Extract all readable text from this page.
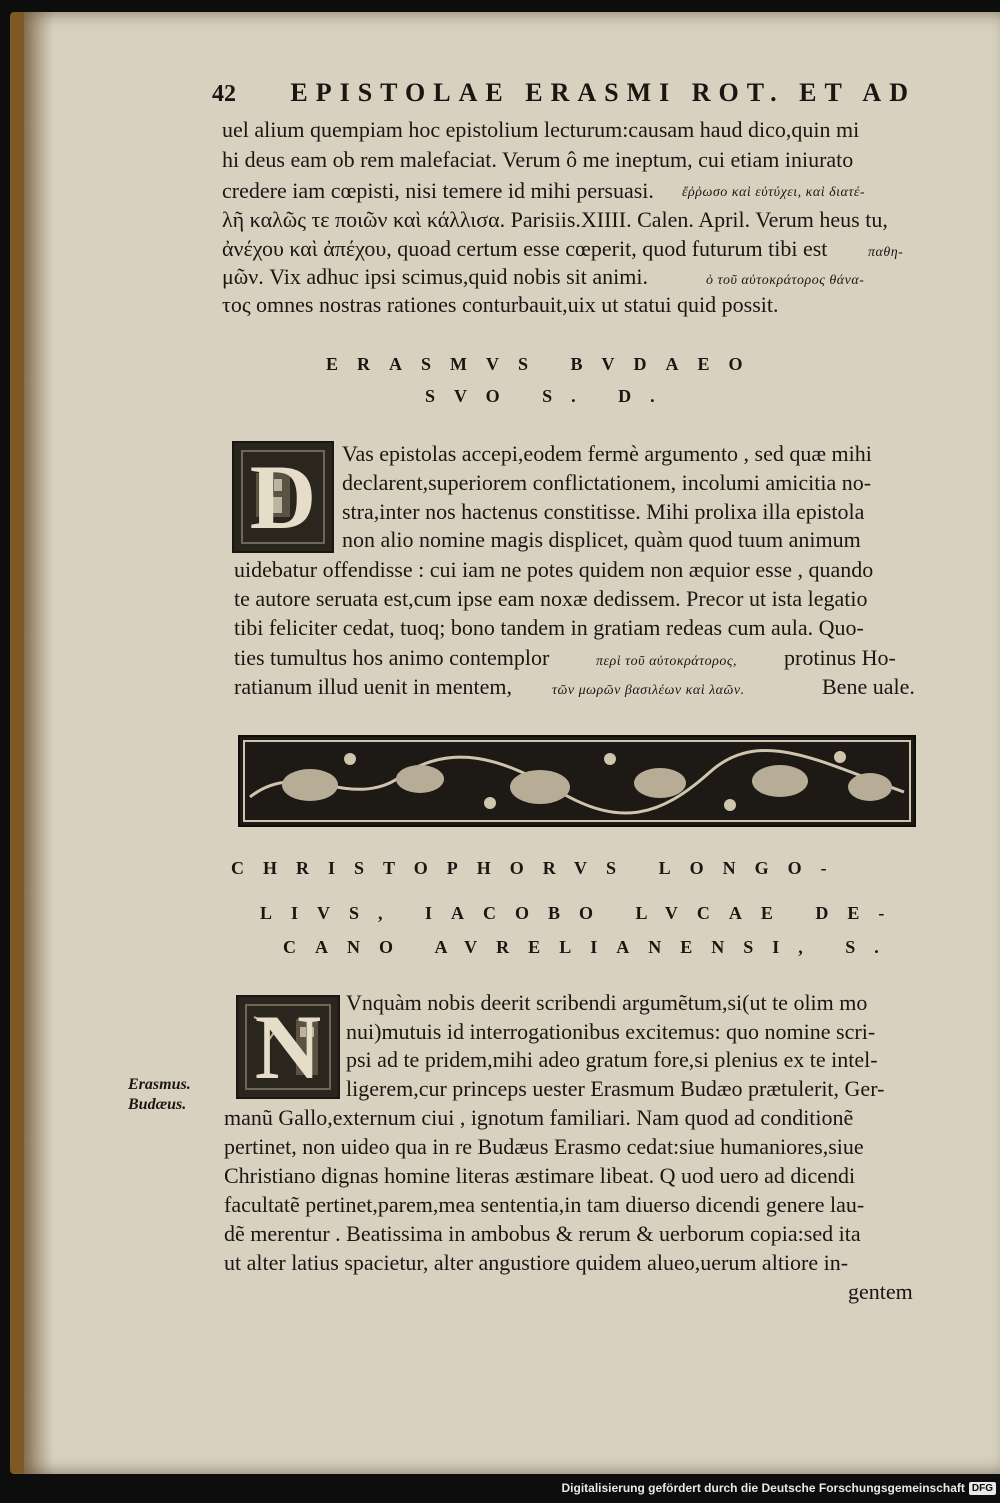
42 EPISTOLAE ERASMI ROT. ET AD
uel alium quempiam hoc epistolium lecturum:causam haud dico,quin mi
hi deus eam ob rem malefaciat. Verum ô me ineptum, cui etiam iniurato
credere iam cœpisti, nisi temere id mihi persuasi. ἔῤῥωσο καὶ εὐτύχει, καὶ διατέ-
λῆ καλῶς τε ποιῶν καὶ κάλλισα. Parisiis.XIIII. Calen. April. Verum heus tu,
ἀνέχου καὶ ἀπέχου, quoad certum esse cœperit, quod futurum tibi est	παθη-
μῶν. Vix adhuc ipsi scimus,quid nobis sit animi.	ὁ τοῦ αὐτοκράτορος θάνα-
τος omnes nostras rationes conturbauit,uix ut statui quid possit.
ERASMVS BVDAEO
SVO S. D.
D	Vas epistolas accepi,eodem fermè argumento , sed quæ mihi
declarent,superiorem conflictationem, incolumi amicitia no-
stra,inter nos hactenus constitisse. Mihi prolixa illa epistola
non alio nomine magis displicet, quàm quod tuum animum
uidebatur offendisse : cui iam ne potes quidem non æquior esse , quando
te autore seruata est,cum ipse eam noxæ dedissem. Precor ut ista legatio
tibi feliciter cedat, tuoq; bono tandem in gratiam redeas cum aula. Quo-
ties tumultus hos animo contemplor	περὶ τοῦ αὐτοκράτορος, protinus Ho-
ratianum illud uenit in mentem,	τῶν μωρῶν βασιλέων καὶ λαῶν.	Bene uale.
CHRISTOPHORVS LONGO-
LIVS, IACOBO LVCAE DE-
CANO AVRELIANENSI, S.
N
Erasmus.
Budæus.
Vnquàm nobis deerit scribendi argumẽtum,si(ut te olim mo
nui)mutuis id interrogationibus excitemus: quo nomine scri-
psi ad te pridem,mihi adeo gratum fore,si plenius ex te intel-
ligerem,cur princeps uester Erasmum Budæo prætulerit, Ger-
manũ Gallo,externum ciui , ignotum familiari. Nam quod ad conditionẽ
pertinet, non uideo qua in re Budæus Erasmo cedat:siue humaniores,siue
Christiano dignas homine literas æstimare libeat. Q uod uero ad dicendi
facultatẽ pertinet,parem,mea sententia,in tam diuerso dicendi genere lau-
dẽ merentur . Beatissima in ambobus & rerum & uerborum copia:sed ita
ut alter latius spacietur, alter angustiore quidem alueo,uerum altiore in-
gentem
Digitalisierung gefördert durch die Deutsche Forschungsgemeinschaft DFG
